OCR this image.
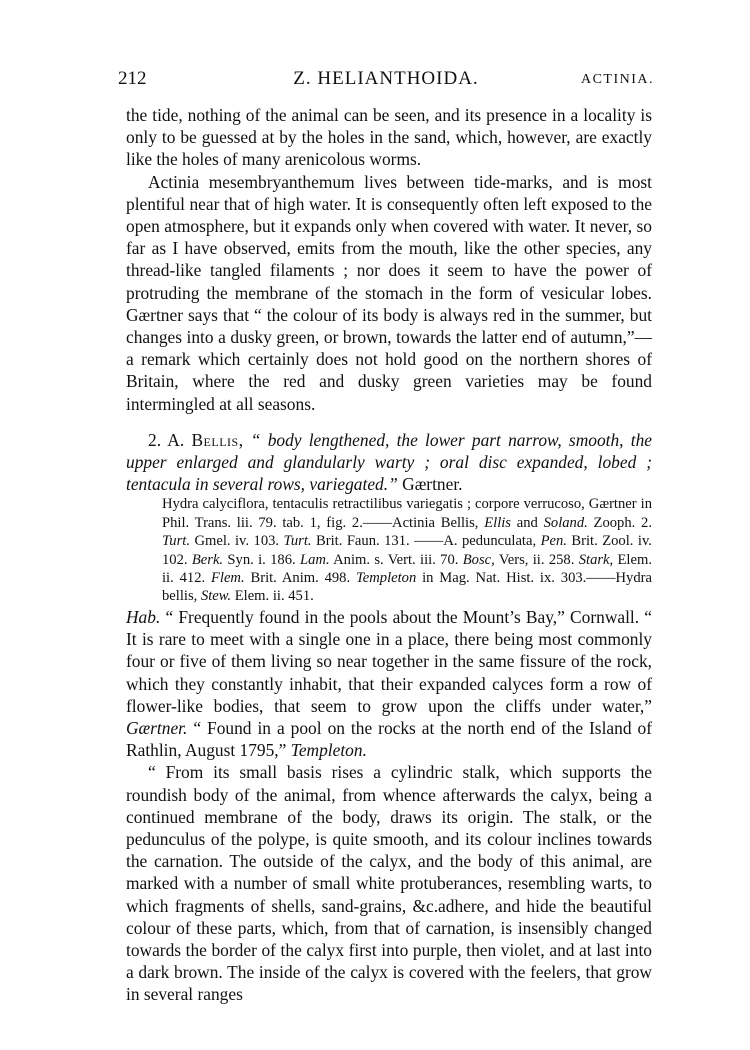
212	Z. HELIANTHOIDA.	ACTINIA.

the tide, nothing of the animal can be seen, and its presence in a locality is only to be guessed at by the holes in the sand, which, however, are exactly like the holes of many arenicolous worms.

Actinia mesembryanthemum lives between tide-marks, and is most plentiful near that of high water. It is consequently often left exposed to the open atmosphere, but it expands only when covered with water. It never, so far as I have observed, emits from the mouth, like the other species, any thread-like tangled filaments ; nor does it seem to have the power of protruding the membrane of the stomach in the form of vesicular lobes. Gærtner says that “ the colour of its body is always red in the summer, but changes into a dusky green, or brown, towards the latter end of autumn,”—a remark which certainly does not hold good on the northern shores of Britain, where the red and dusky green varieties may be found intermingled at all seasons.

2. A. Bellis, “ body lengthened, the lower part narrow, smooth, the upper enlarged and glandularly warty ; oral disc expanded, lobed ; tentacula in several rows, variegated.” Gærtner.

Hydra calyciflora, tentaculis retractilibus variegatis ; corpore verrucoso, Gærtner in Phil. Trans. lii. 79. tab. 1, fig. 2.——Actinia Bellis, Ellis and Soland. Zooph. 2. Turt. Gmel. iv. 103. Turt. Brit. Faun. 131. ——A. pedunculata, Pen. Brit. Zool. iv. 102. Berk. Syn. i. 186. Lam. Anim. s. Vert. iii. 70. Bosc, Vers, ii. 258. Stark, Elem. ii. 412. Flem. Brit. Anim. 498. Templeton in Mag. Nat. Hist. ix. 303.——Hydra bellis, Stew. Elem. ii. 451.

Hab. “ Frequently found in the pools about the Mount’s Bay,” Cornwall. “ It is rare to meet with a single one in a place, there being most commonly four or five of them living so near together in the same fissure of the rock, which they constantly inhabit, that their expanded calyces form a row of flower-like bodies, that seem to grow upon the cliffs under water,” Gærtner. “ Found in a pool on the rocks at the north end of the Island of Rathlin, August 1795,” Templeton.

“ From its small basis rises a cylindric stalk, which supports the roundish body of the animal, from whence afterwards the calyx, being a continued membrane of the body, draws its origin. The stalk, or the pedunculus of the polype, is quite smooth, and its colour inclines towards the carnation. The outside of the calyx, and the body of this animal, are marked with a number of small white protuberances, resembling warts, to which fragments of shells, sand-grains, &c.adhere, and hide the beautiful colour of these parts, which, from that of carnation, is insensibly changed towards the border of the calyx first into purple, then violet, and at last into a dark brown. The inside of the calyx is covered with the feelers, that grow in several ranges
